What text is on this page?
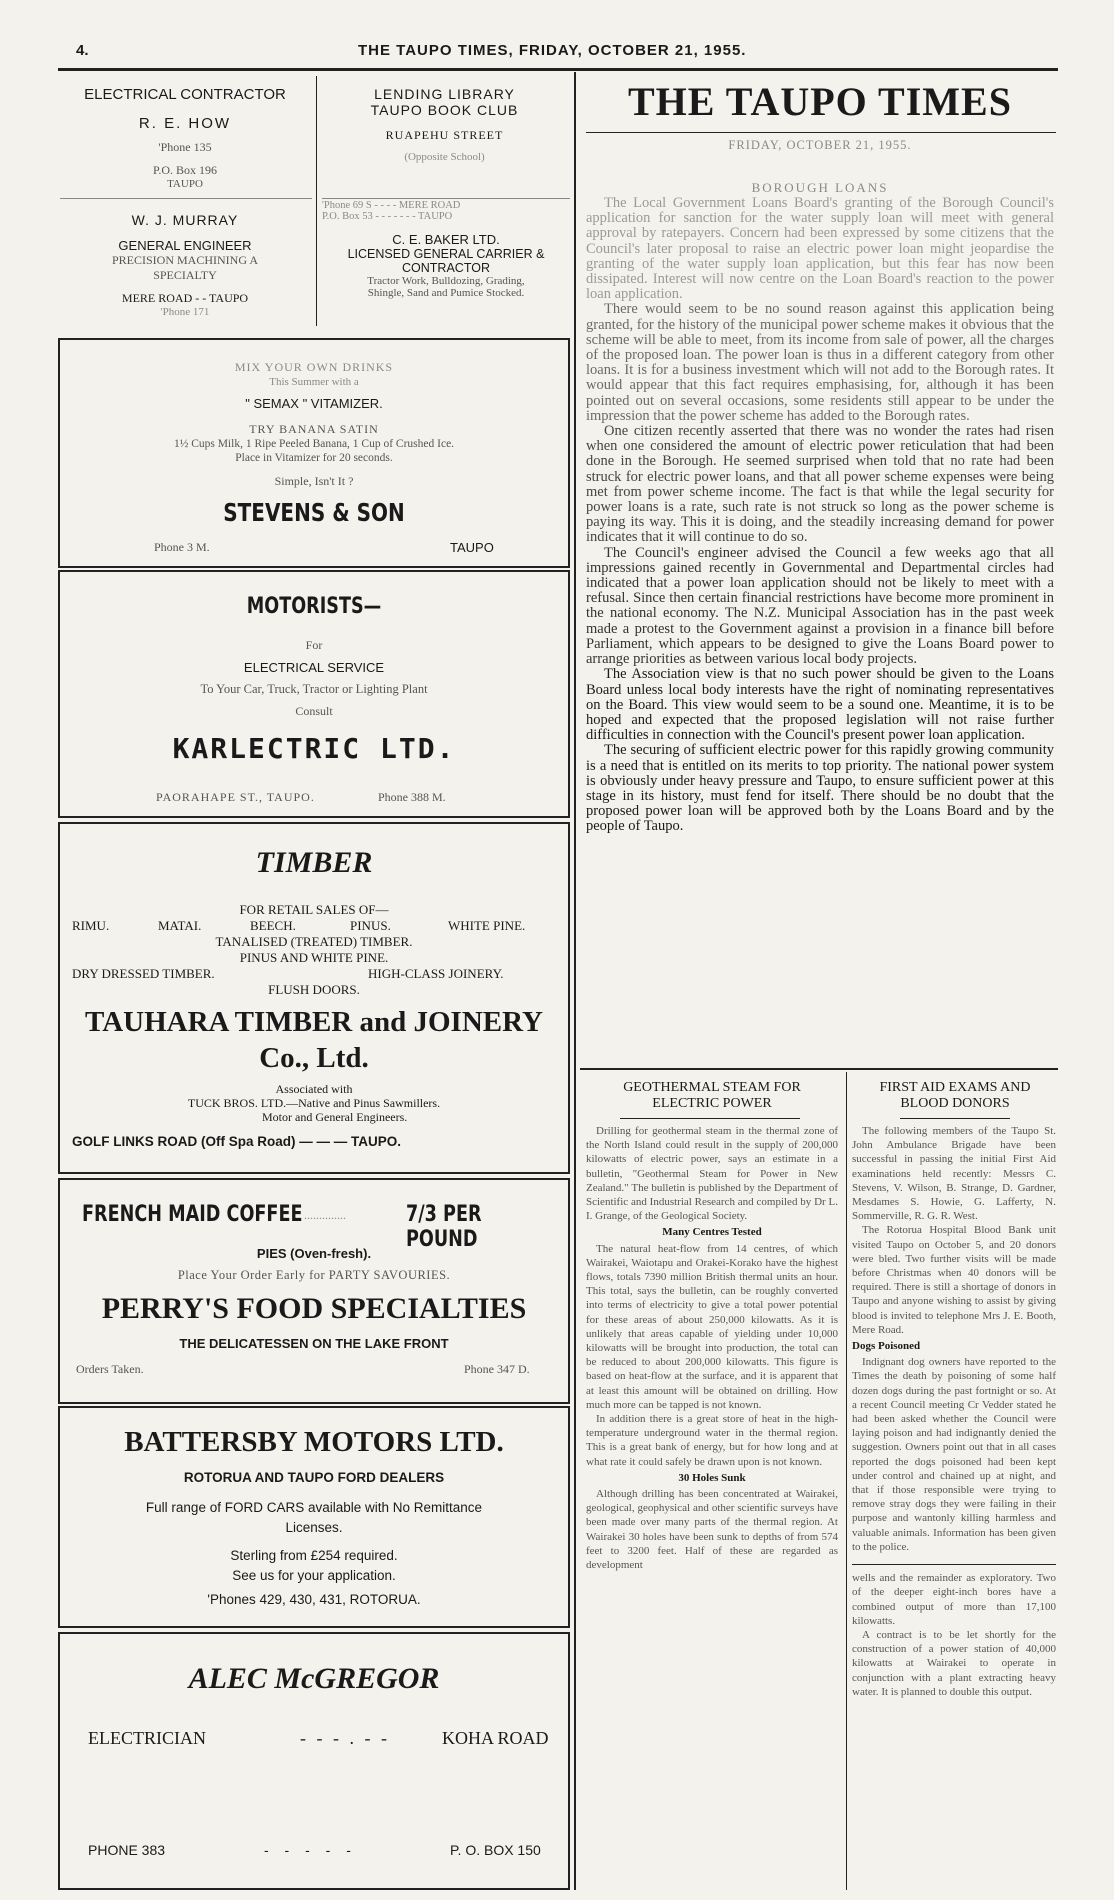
4.	THE TAUPO TIMES, FRIDAY, OCTOBER 21, 1955.
ELECTRICAL CONTRACTOR
R. E. HOW
'Phone 135
P.O. Box 196
TAUPO
LENDING LIBRARY
TAUPO BOOK CLUB
RUAPEHU STREET
(Opposite School)
W. J. MURRAY
GENERAL ENGINEER
PRECISION MACHINING A
SPECIALTY
MERE ROAD - - TAUPO
'Phone 171
'Phone 69 S - - - - MERE ROAD
P.O. Box 53 - - - - - - - TAUPO
C. E. BAKER LTD.
LICENSED GENERAL CARRIER &
CONTRACTOR
Tractor Work, Bulldozing, Grading,
Shingle, Sand and Pumice Stocked.
MIX YOUR OWN DRINKS
This Summer with a
" SEMAX " VITAMIZER.
TRY BANANA SATIN
1½ Cups Milk, 1 Ripe Peeled Banana, 1 Cup of Crushed Ice.
Place in Vitamizer for 20 seconds.
Simple, Isn't It ?
STEVENS & SON
Phone 3 M.	TAUPO
MOTORISTS—
For
ELECTRICAL SERVICE
To Your Car, Truck, Tractor or Lighting Plant
Consult
KARLECTRIC LTD.
PAORAHAPE ST., TAUPO.	Phone 388 M.
TIMBER
FOR RETAIL SALES OF—
RIMU.	MATAI.	BEECH.	PINUS.	WHITE PINE.
TANALISED (TREATED) TIMBER.
PINUS AND WHITE PINE.
DRY DRESSED TIMBER.	HIGH-CLASS JOINERY.
FLUSH DOORS.
TAUHARA TIMBER and JOINERY
Co., Ltd.
Associated with
TUCK BROS. LTD.—Native and Pinus Sawmillers.
Motor and General Engineers.
GOLF LINKS ROAD (Off Spa Road) — — — TAUPO.
FRENCH MAID COFFEE ..............	7/3 PER POUND
PIES (Oven-fresh).
Place Your Order Early for PARTY SAVOURIES.
PERRY'S FOOD SPECIALTIES
THE DELICATESSEN ON THE LAKE FRONT
Orders Taken.	Phone 347 D.
BATTERSBY MOTORS LTD.
ROTORUA AND TAUPO FORD DEALERS
Full range of FORD CARS available with No Remittance
Licenses.
Sterling from £254 required.
See us for your application.
'Phones 429, 430, 431, ROTORUA.
ALEC McGREGOR
ELECTRICIAN	- - - . - -	KOHA ROAD
PHONE 383	- - - - -	P. O. BOX 150
THE TAUPO TIMES
FRIDAY, OCTOBER 21, 1955.
BOROUGH LOANS

The Local Government Loans Board's granting of the Borough Council's application for sanction for the water supply loan will meet with general approval by ratepayers. Concern had been expressed by some citizens that the Council's later proposal to raise an electric power loan might jeopardise the granting of the water supply loan application, but this fear has now been dissipated. Interest will now centre on the Loan Board's reaction to the power loan application.

There would seem to be no sound reason against this application being granted, for the history of the municipal power scheme makes it obvious that the scheme will be able to meet, from its income from sale of power, all the charges of the proposed loan. The power loan is thus in a different category from other loans. It is for a business investment which will not add to the Borough rates. It would appear that this fact requires emphasising, for, although it has been pointed out on several occasions, some residents still appear to be under the impression that the power scheme has added to the Borough rates.

One citizen recently asserted that there was no wonder the rates had risen when one considered the amount of electric power reticulation that had been done in the Borough. He seemed surprised when told that no rate had been struck for electric power loans, and that all power scheme expenses were being met from power scheme income. The fact is that while the legal security for power loans is a rate, such rate is not struck so long as the power scheme is paying its way. This it is doing, and the steadily increasing demand for power indicates that it will continue to do so.

The Council's engineer advised the Council a few weeks ago that all impressions gained recently in Governmental and Departmental circles had indicated that a power loan application should not be likely to meet with a refusal. Since then certain financial restrictions have become more prominent in the national economy. The N.Z. Municipal Association has in the past week made a protest to the Government against a provision in a finance bill before Parliament, which appears to be designed to give the Loans Board power to arrange priorities as between various local body projects.

The Association view is that no such power should be given to the Loans Board unless local body interests have the right of nominating representatives on the Board. This view would seem to be a sound one. Meantime, it is to be hoped and expected that the proposed legislation will not raise further difficulties in connection with the Council's present power loan application.

The securing of sufficient electric power for this rapidly growing community is a need that is entitled on its merits to top priority. The national power system is obviously under heavy pressure and Taupo, to ensure sufficient power at this stage in its history, must fend for itself. There should be no doubt that the proposed power loan will be approved both by the Loans Board and by the people of Taupo.

GEOTHERMAL STEAM FOR
ELECTRIC POWER

Drilling for geothermal steam in the thermal zone of the North Island could result in the supply of 200,000 kilowatts of electric power, says an estimate in a bulletin, "Geothermal Steam for Power in New Zealand." The bulletin is published by the Department of Scientific and Industrial Research and compiled by Dr L. I. Grange, of the Geological Society.

Many Centres Tested

The natural heat-flow from 14 centres, of which Wairakei, Waiotapu and Orakei-Korako have the highest flows, totals 7390 million British thermal units an hour. This total, says the bulletin, can be roughly converted into terms of electricity to give a total power potential for these areas of about 250,000 kilowatts. As it is unlikely that areas capable of yielding under 10,000 kilowatts will be brought into production, the total can be reduced to about 200,000 kilowatts. This figure is based on heat-flow at the surface, and it is apparent that at least this amount will be obtained on drilling. How much more can be tapped is not known.

In addition there is a great store of heat in the high-temperature underground water in the thermal region. This is a great bank of energy, but for how long and at what rate it could safely be drawn upon is not known.

30 Holes Sunk

Although drilling has been concentrated at Wairakei, geological, geophysical and other scientific surveys have been made over many parts of the thermal region. At Wairakei 30 holes have been sunk to depths of from 574 feet to 3200 feet. Half of these are regarded as development

FIRST AID EXAMS AND
BLOOD DONORS

The following members of the Taupo St. John Ambulance Brigade have been successful in passing the initial First Aid examinations held recently: Messrs C. Stevens, V. Wilson, B. Strange, D. Gardner, Mesdames S. Howie, G. Lafferty, N. Sommerville, R. G. R. West.

The Rotorua Hospital Blood Bank unit visited Taupo on October 5, and 20 donors were bled. Two further visits will be made before Christmas when 40 donors will be required. There is still a shortage of donors in Taupo and anyone wishing to assist by giving blood is invited to telephone Mrs J. E. Booth, Mere Road.

Dogs Poisoned

Indignant dog owners have reported to the Times the death by poisoning of some half dozen dogs during the past fortnight or so. At a recent Council meeting Cr Vedder stated he had been asked whether the Council were laying poison and had indignantly denied the suggestion. Owners point out that in all cases reported the dogs poisoned had been kept under control and chained up at night, and that if those responsible were trying to remove stray dogs they were failing in their purpose and wantonly killing harmless and valuable animals. Information has been given to the police.

wells and the remainder as exploratory. Two of the deeper eight-inch bores have a combined output of more than 17,100 kilowatts.

A contract is to be let shortly for the construction of a power station of 40,000 kilowatts at Wairakei to operate in conjunction with a plant extracting heavy water. It is planned to double this output.
